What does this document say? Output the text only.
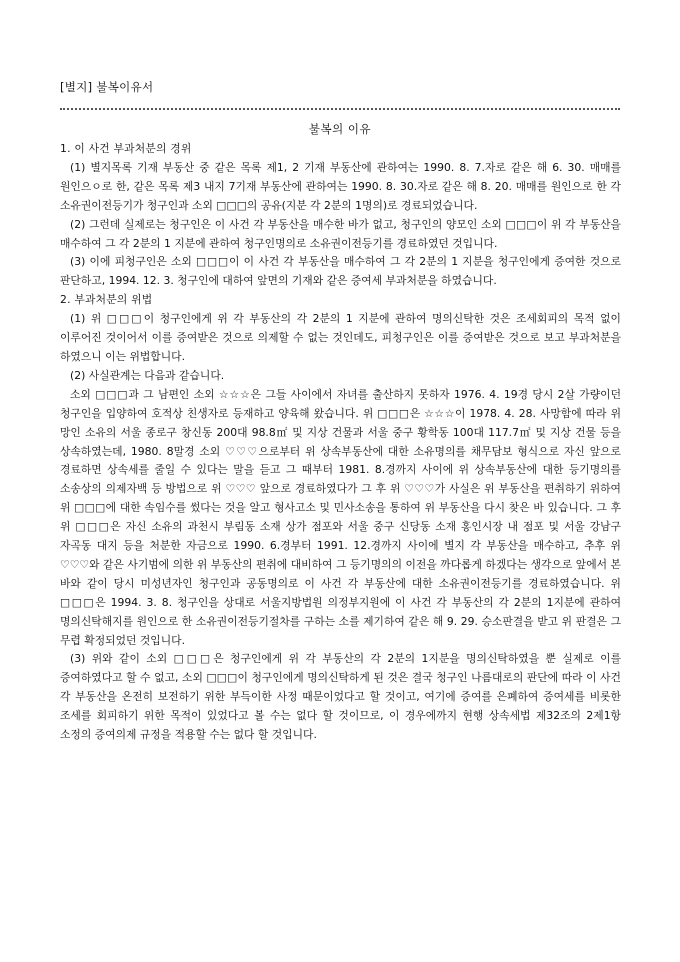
[별지] 불복이유서
불복의 이유

1. 이 사건 부과처분의 경위

(1) 별지목록 기재 부동산 중 같은 목록 제1, 2 기재 부동산에 관하여는 1990. 8. 7.자로 같은 해 6. 30. 매매를 원인으ㅇ로 한, 같은 목록 제3 내지 7기재 부동산에 관하여는 1990. 8. 30.자로 같은 해 8. 20. 매매를 원인으로 한 각 소유권이전등기가 청구인과 소외 □□□의 공유(지분 각 2분의 1명의)로 경료되었습니다.

(2) 그런데 실제로는 청구인은 이 사건 각 부동산을 매수한 바가 없고, 청구인의 양모인 소외 □□□이 위 각 부동산을 매수하여 그 각 2분의 1 지분에 관하여 청구인명의로 소유권이전등기를 경료하였던 것입니다.

(3) 이에 피청구인은 소외 □□□이 이 사건 각 부동산을 매수하여 그 각 2분의 1 지분을 청구인에게 증여한 것으로 판단하고, 1994. 12. 3. 청구인에 대하여 앞면의 기재와 같은 증여세 부과처분을 하였습니다.

2. 부과처분의 위법

(1) 위 □□□이 청구인에게 위 각 부동산의 각 2분의 1 지분에 관하여 명의신탁한 것은 조세회피의 목적 없이 이루어진 것이어서 이를 증여받은 것으로 의제할 수 없는 것인데도, 피청구인은 이를 증여받은 것으로 보고 부과처분을 하였으니 이는 위법합니다.

(2) 사실관계는 다음과 같습니다.

소외 □□□과 그 남편인 소외 ☆☆☆은 그들 사이에서 자녀를 출산하지 못하자 1976. 4. 19경 당시 2살 가량이던 청구인을 입양하여 호적상 친생자로 등재하고 양육해 왔습니다. 위 □□□은 ☆☆☆이 1978. 4. 28. 사망함에 따라 위 망인 소유의 서울 종로구 창신동 200대 98.8㎡ 및 지상 건물과 서울 중구 황학동 100대 117.7㎡ 및 지상 건물 등을 상속하였는데, 1980. 8말경 소외 ♡♡♡으로부터 위 상속부동산에 대한 소유명의를 채무담보 형식으로 자신 앞으로 경료하면 상속세를 줄일 수 있다는 말을 듣고 그 때부터 1981. 8.경까지 사이에 위 상속부동산에 대한 등기명의를 소송상의 의제자백 등 방법으로 위 ♡♡♡ 앞으로 경료하였다가 그 후 위 ♡♡♡가 사실은 위 부동산을 편취하기 위하여 위 □□□에 대한 속임수를 썼다는 것을 알고 형사고소 및 민사소송을 통하여 위 부동산을 다시 찾은 바 있습니다. 그 후 위 □□□은 자신 소유의 과천시 부림동 소재 상가 점포와 서울 중구 신당동 소재 홍인시장 내 점포 및 서울 강남구 자곡동 대지 등을 처분한 자금으로 1990. 6.경부터 1991. 12.경까지 사이에 별지 각 부동산을 매수하고, 추후 위 ♡♡♡와 같은 사기범에 의한 위 부동산의 편취에 대비하여 그 등기명의의 이전을 까다롭게 하겠다는 생각으로 앞에서 본 바와 같이 당시 미성년자인 청구인과 공동명의로 이 사건 각 부동산에 대한 소유권이전등기를 경료하였습니다. 위 □□□은 1994. 3. 8. 청구인을 상대로 서울지방법원 의정부지원에 이 사건 각 부동산의 각 2분의 1지분에 관하여 명의신탁해지를 원인으로 한 소유권이전등기절차를 구하는 소를 제기하여 같은 해 9. 29. 승소판결을 받고 위 판결은 그 무렵 확정되었던 것입니다.

(3) 위와 같이 소외 □□□은 청구인에게 위 각 부동산의 각 2분의 1지분을 명의신탁하였을 뿐 실제로 이를 증여하였다고 할 수 없고, 소외 □□□이 청구인에게 명의신탁하게 된 것은 결국 청구인 나름대로의 판단에 따라 이 사건 각 부동산을 온전히 보전하기 위한 부득이한 사정 때문이었다고 할 것이고, 여기에 증여를 은폐하여 증여세를 비롯한 조세를 회피하기 위한 목적이 있었다고 볼 수는 없다 할 것이므로, 이 경우에까지 현행 상속세법 제32조의 2제1항 소정의 증여의제 규정을 적용할 수는 없다 할 것입니다.
